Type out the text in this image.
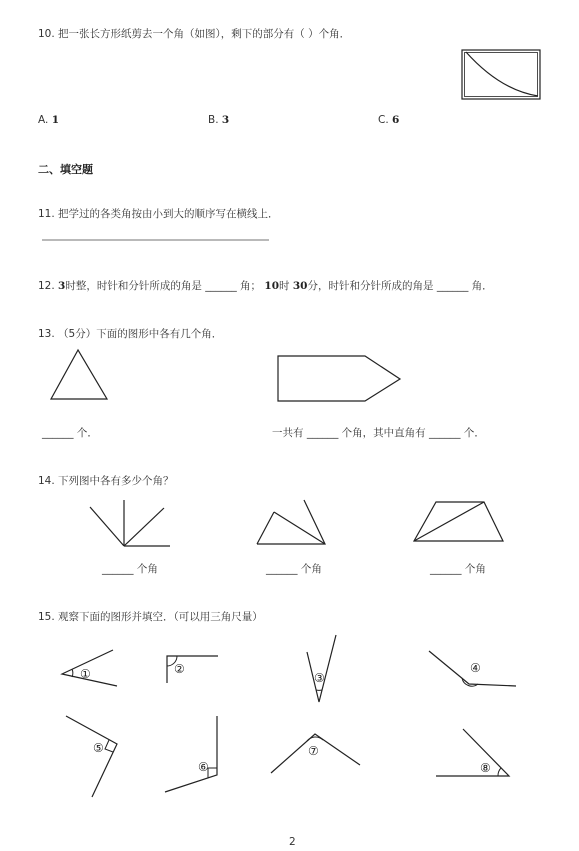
10. 把一张长方形纸剪去一个角（如图），剩下的部分有（ ）个角．
A. 1	B. 3	C. 6
二、填空题
11. 把学过的各类角按由小到大的顺序写在横线上．
12. 3时整，时针和分针所成的角是 ______ 角； 10时 30分，时针和分针所成的角是 ______ 角．
13. （5分）下面的图形中各有几个角．
______ 个．	一共有 ______ 个角，其中直角有 ______ 个．
14. 下列图中各有多少个角？
______ 个角	______ 个角	______ 个角
15. 观察下面的图形并填空．（可以用三角尺量）
2
①	②
③
④
⑤
⑥
⑦
⑧
